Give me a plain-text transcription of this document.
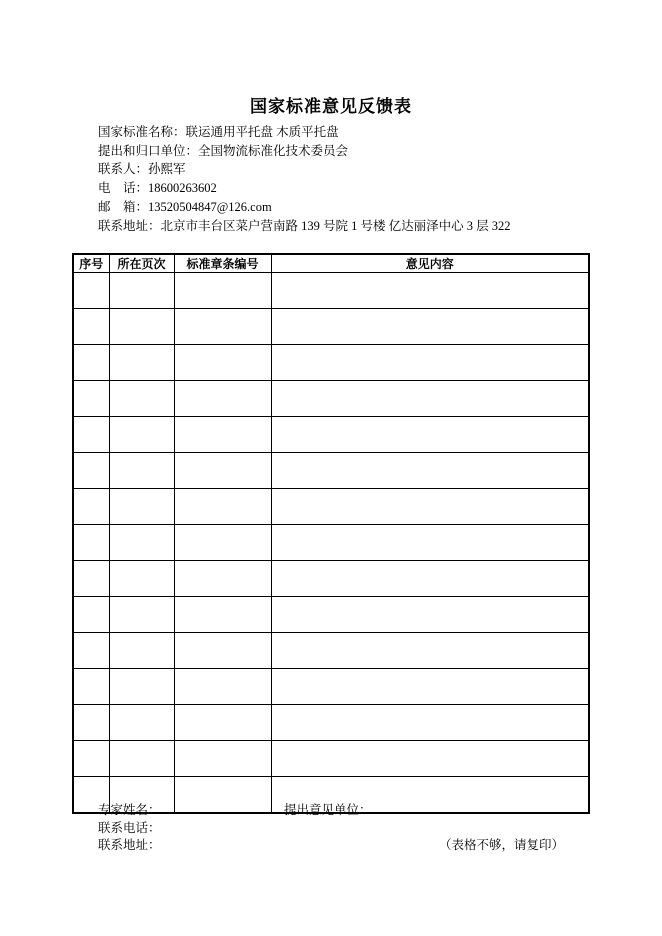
国家标准意见反馈表
国家标准名称：联运通用平托盘 木质平托盘
提出和归口单位：全国物流标准化技术委员会
联系人：孙熙军
电　话：18600263602
邮　箱：13520504847@126.com
联系地址：北京市丰台区菜户营南路 139 号院 1 号楼 亿达丽泽中心 3 层 322
序号	所在页次	标准章条编号	意见内容

专家姓名：	提出意见单位：
联系电话：
联系地址：	（表格不够，请复印）
